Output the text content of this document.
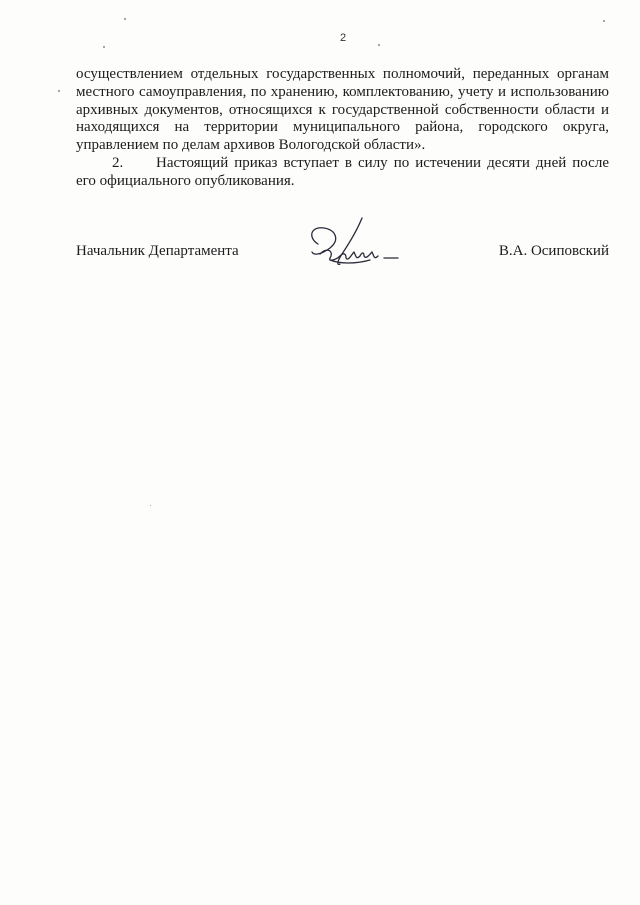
2

осуществлением отдельных государственных полномочий, переданных органам местного самоуправления, по хранению, комплектованию, учету и использованию архивных документов, относящихся к государственной собственности области и находящихся на территории муниципального района, городского округа, управлением по делам архивов Вологодской области».

2. Настоящий приказ вступает в силу по истечении десяти дней после его официального опубликования.

Начальник Департамента	В.А. Осиповский
